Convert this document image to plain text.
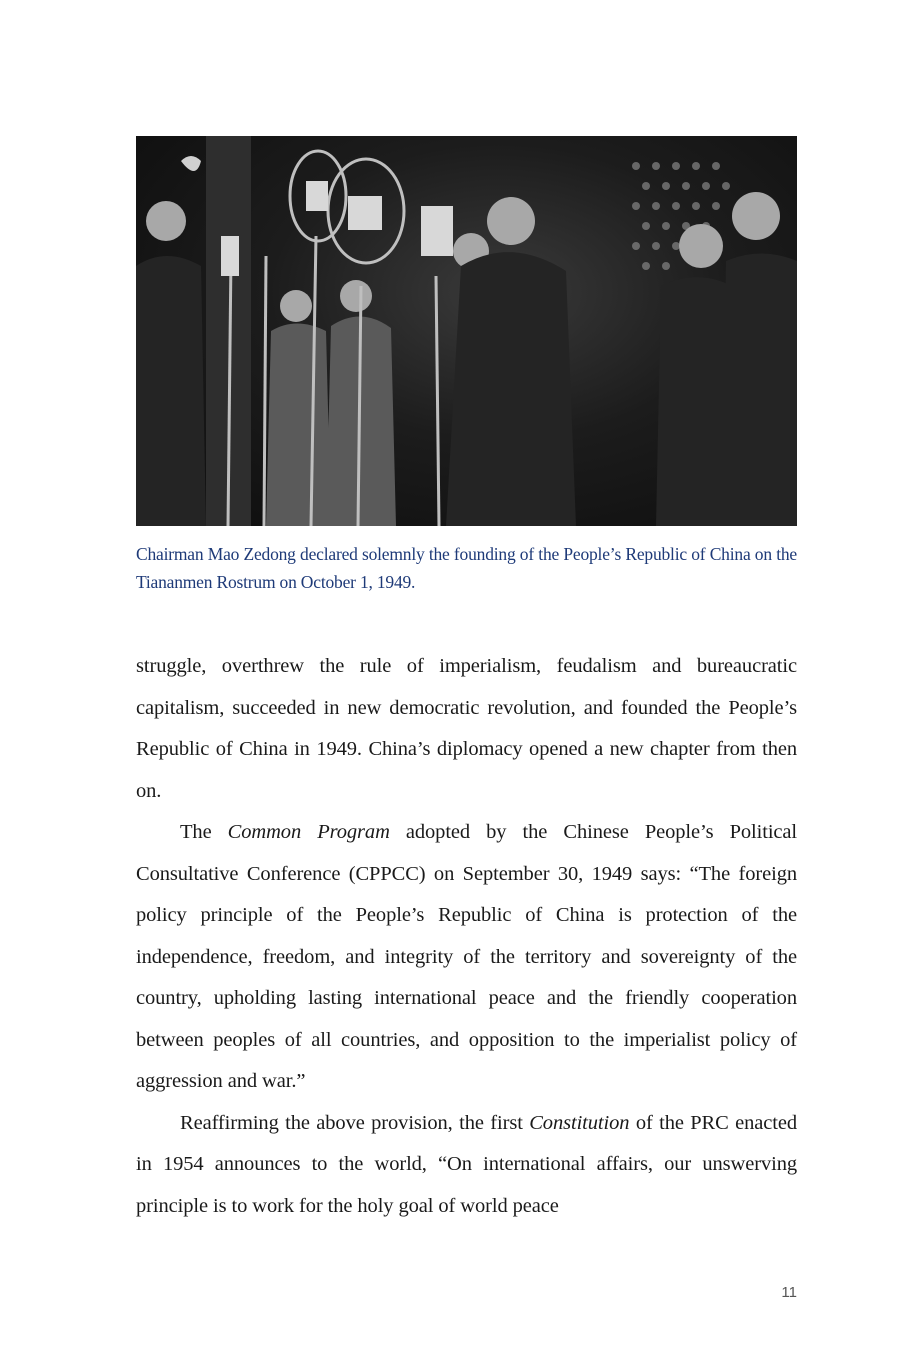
Chairman Mao Zedong declared solemnly the founding of the People’s Republic of China on the Tiananmen Rostrum on October 1, 1949.

struggle, overthrew the rule of imperialism, feudalism and bureaucratic capitalism, succeeded in new democratic revolution, and founded the People’s Republic of China in 1949. China’s diplomacy opened a new chapter from then on.

The Common Program adopted by the Chinese People’s Political Consultative Conference (CPPCC) on September 30, 1949 says: “The foreign policy principle of the People’s Republic of China is protection of the independence, freedom, and integrity of the territory and sovereignty of the country, upholding lasting international peace and the friendly cooperation between peoples of all countries, and opposition to the imperialist policy of aggression and war.”

Reaffirming the above provision, the first Constitution of the PRC enacted in 1954 announces to the world, “On international affairs, our unswerving principle is to work for the holy goal of world peace

11
